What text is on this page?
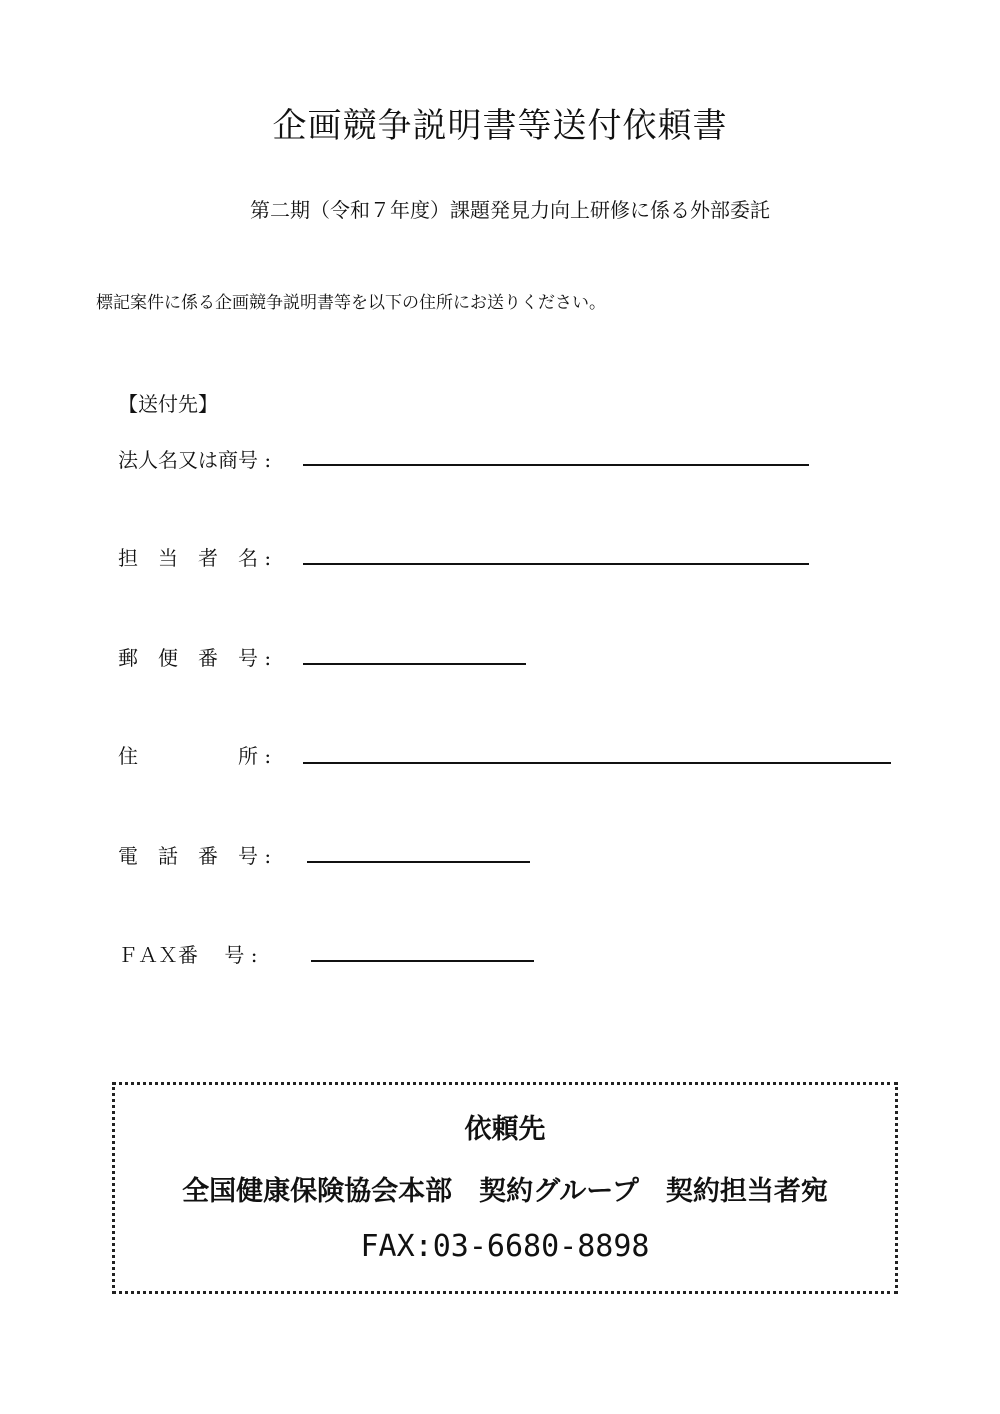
企画競争説明書等送付依頼書
第二期（令和７年度）課題発見力向上研修に係る外部委託
標記案件に係る企画競争説明書等を以下の住所にお送りください。
【送付先】
法人名又は商号 :
担　当　者　名 :
郵　便　番　号 :
住　　　　　所 :
電　話　番　号 :
ＦＡＸ番　 号 :
依頼先
全国健康保険協会本部　契約グループ　契約担当者宛
FAX:03-6680-8898
